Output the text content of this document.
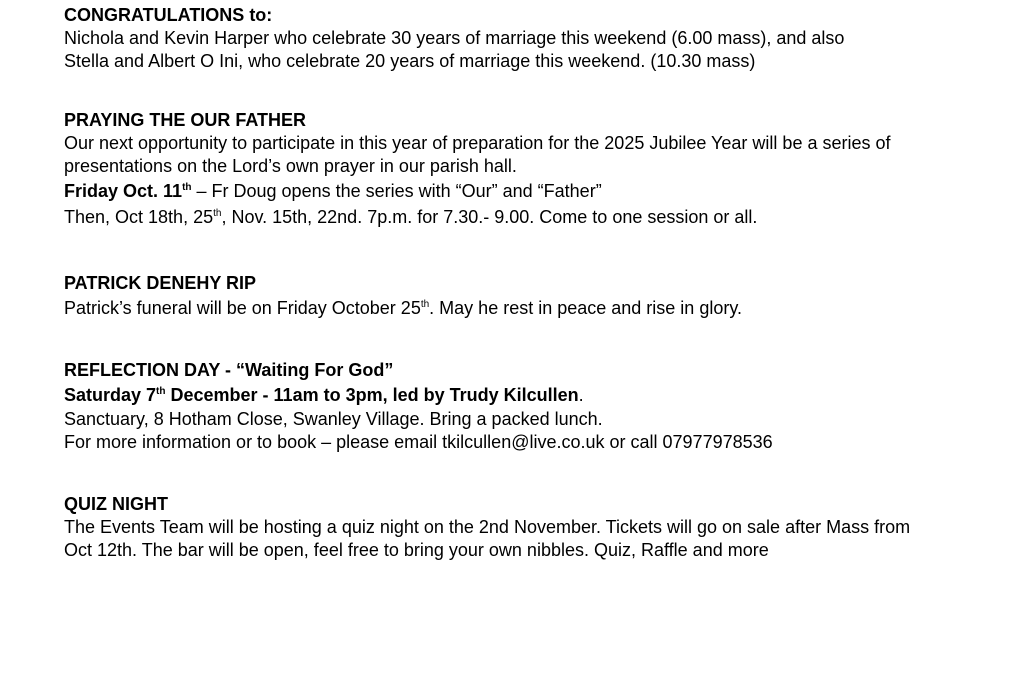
CONGRATULATIONS to:
Nichola and Kevin Harper who celebrate 30 years of marriage this weekend (6.00 mass), and also
Stella and Albert O Ini, who celebrate 20 years of marriage this weekend. (10.30 mass)
PRAYING THE OUR FATHER
Our next opportunity to participate in this year of preparation for the 2025 Jubilee Year will be a series of
presentations on the Lord’s own prayer in our parish hall.
Friday Oct. 11th – Fr Doug opens the series with “Our” and “Father”
Then, Oct 18th, 25th, Nov. 15th, 22nd. 7p.m. for 7.30.- 9.00. Come to one session or all.
PATRICK DENEHY RIP
Patrick’s funeral will be on Friday October 25th. May he rest in peace and rise in glory.
REFLECTION DAY - “Waiting For God”
Saturday 7th December - 11am to 3pm, led by Trudy Kilcullen.
Sanctuary, 8 Hotham Close, Swanley Village. Bring a packed lunch.
For more information or to book – please email tkilcullen@live.co.uk or call 07977978536
QUIZ NIGHT
The Events Team will be hosting a quiz night on the 2nd November. Tickets will go on sale after Mass from
Oct 12th. The bar will be open, feel free to bring your own nibbles. Quiz, Raffle and more
